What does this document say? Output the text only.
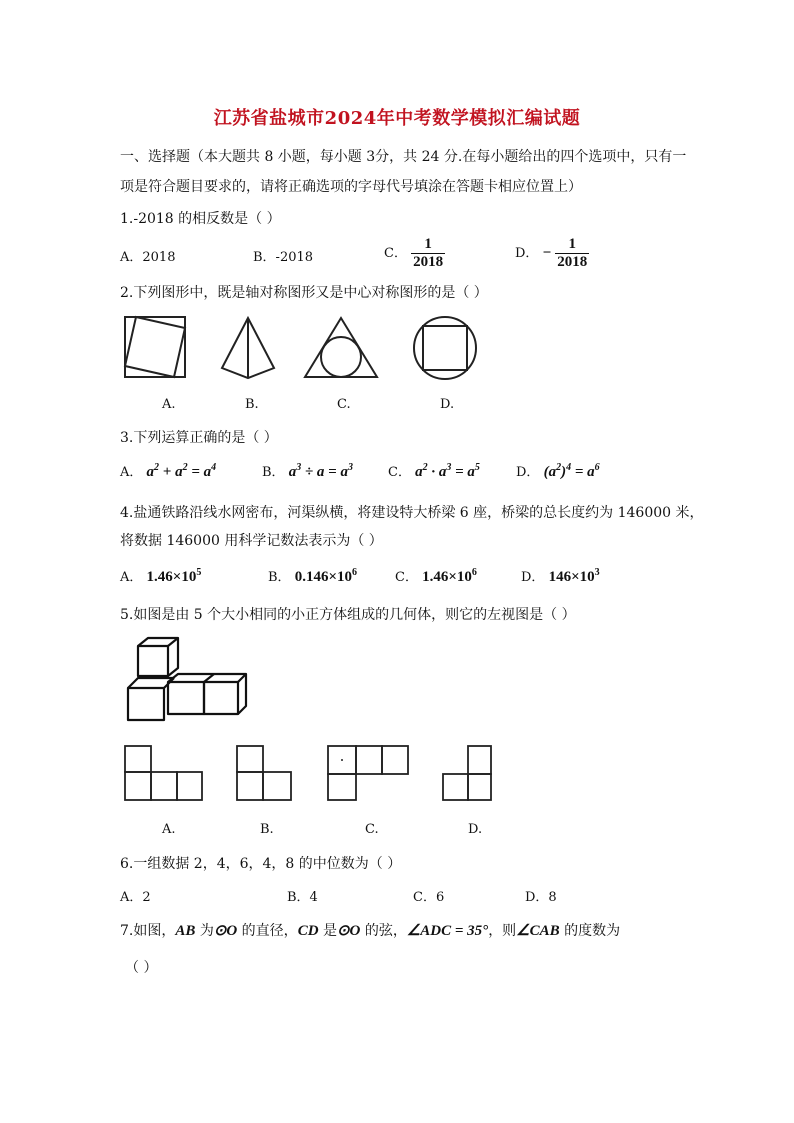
江苏省盐城市2024年中考数学模拟汇编试题
一、选择题（本大题共 8 小题，每小题 3分，共 24 分.在每小题给出的四个选项中，只有一
项是符合题目要求的，请将正确选项的字母代号填涂在答题卡相应位置上）
1.-2018 的相反数是（ ）
A．2018	B．-2018	C． $\frac{1}{2018}$	D． − $\frac{1}{2018}$
2.下列图形中，既是轴对称图形又是中心对称图形的是（ ）
A.	B.	C.	D.
3.下列运算正确的是（ ）
A． $a^2 + a^2 = a^4$	B． $a^3 \div a = a^3$	C． $a^2 \cdot a^3 = a^5$	D． $(a^2)^4 = a^6$
4.盐通铁路沿线水网密布，河渠纵横，将建设特大桥梁 6 座，桥梁的总长度约为 146000 米，
将数据 146000 用科学记数法表示为（ ）
A． $1.46\times 10^5$	B． $0.146\times 10^6$	C． $1.46\times 10^6$	D． $146\times 10^3$
5.如图是由 5 个大小相同的小正方体组成的几何体，则它的左视图是（ ）
A.	B.	C.	D.
6.一组数据 2，4，6，4，8 的中位数为（ ）
A．2	B．4	C．6	D．8
7.如图，AB 为⊙O 的直径，CD 是⊙O 的弦，∠ADC = 35°，则∠CAB 的度数为
（ ）
